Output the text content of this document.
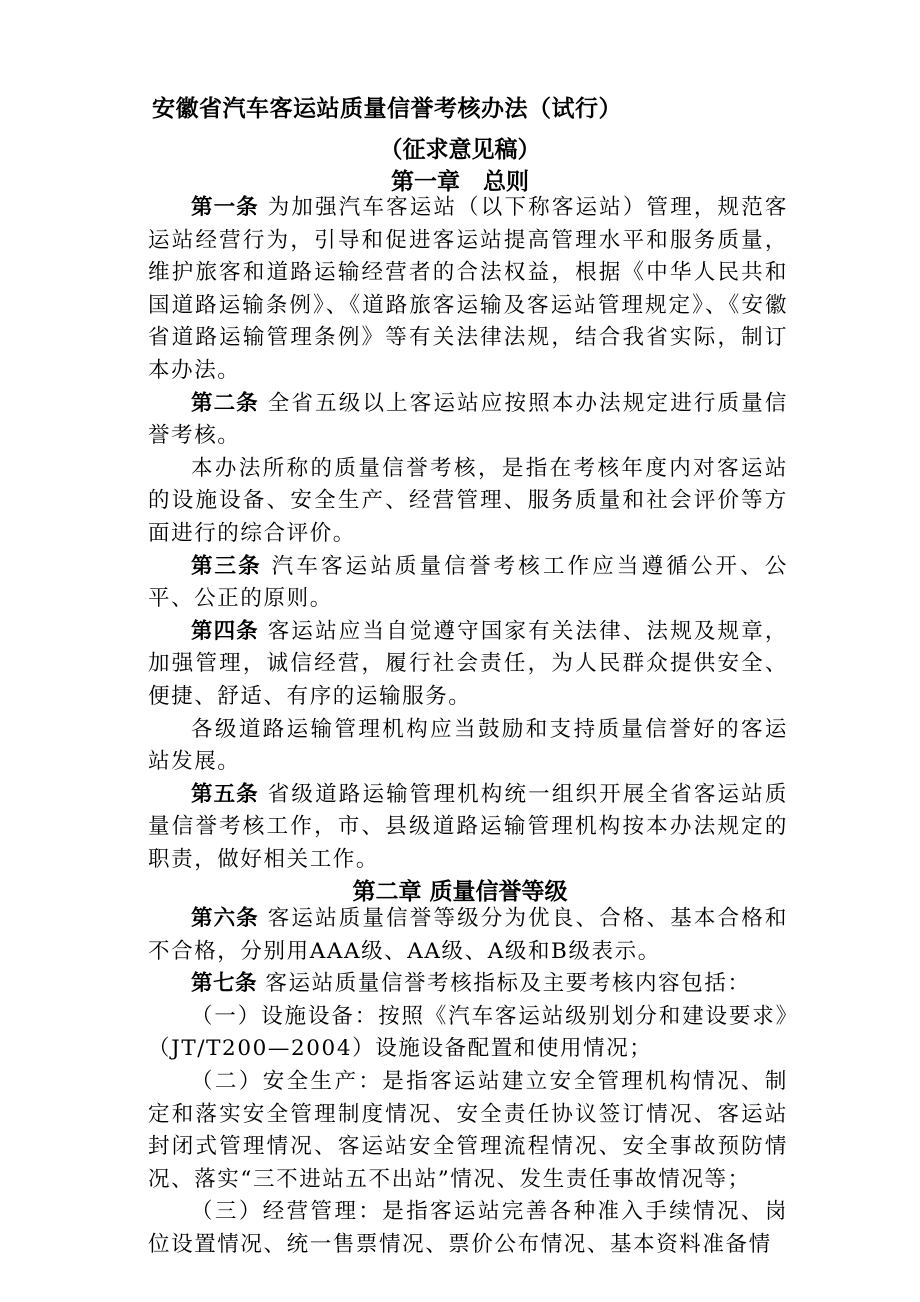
安徽省汽车客运站质量信誉考核办法（试行）
（征求意见稿）
第一章　总则

第一条 为加强汽车客运站（以下称客运站）管理，规范客运站经营行为，引导和促进客运站提高管理水平和服务质量，维护旅客和道路运输经营者的合法权益，根据《中华人民共和国道路运输条例》、《道路旅客运输及客运站管理规定》、《安徽省道路运输管理条例》等有关法律法规，结合我省实际，制订本办法。

第二条 全省五级以上客运站应按照本办法规定进行质量信誉考核。

本办法所称的质量信誉考核，是指在考核年度内对客运站的设施设备、安全生产、经营管理、服务质量和社会评价等方面进行的综合评价。

第三条 汽车客运站质量信誉考核工作应当遵循公开、公平、公正的原则。

第四条 客运站应当自觉遵守国家有关法律、法规及规章，加强管理，诚信经营，履行社会责任，为人民群众提供安全、便捷、舒适、有序的运输服务。

各级道路运输管理机构应当鼓励和支持质量信誉好的客运站发展。

第五条 省级道路运输管理机构统一组织开展全省客运站质量信誉考核工作，市、县级道路运输管理机构按本办法规定的职责，做好相关工作。

第二章 质量信誉等级

第六条 客运站质量信誉等级分为优良、合格、基本合格和不合格，分别用AAA级、AA级、A级和B级表示。

第七条 客运站质量信誉考核指标及主要考核内容包括：

（一）设施设备：按照《汽车客运站级别划分和建设要求》（JT/T200—2004）设施设备配置和使用情况；

（二）安全生产：是指客运站建立安全管理机构情况、制定和落实安全管理制度情况、安全责任协议签订情况、客运站封闭式管理情况、客运站安全管理流程情况、安全事故预防情况、落实“三不进站五不出站”情况、发生责任事故情况等；

（三）经营管理：是指客运站完善各种准入手续情况、岗位设置情况、统一售票情况、票价公布情况、基本资料准备情
